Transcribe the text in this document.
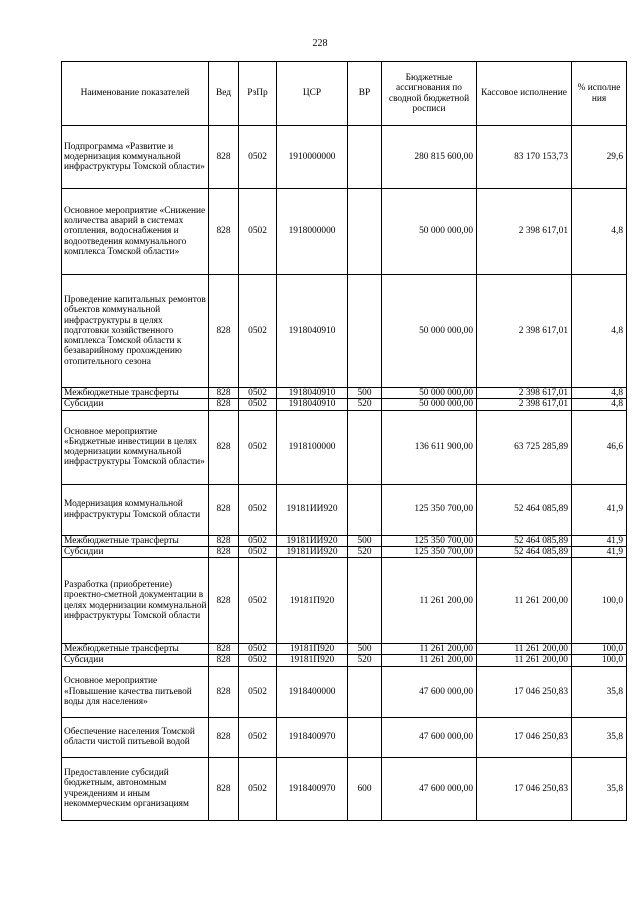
228
Наименование показателей	Вед	РзПр	ЦСР	ВР	Бюджетные ассигнования по сводной бюджетной росписи	Кассовое исполнение	% исполне ния
Подпрограмма «Развитие и модернизация коммунальной инфраструктуры Томской области»	828	0502	1910000000		280 815 600,00	83 170 153,73	29,6
Основное мероприятие «Снижение количества аварий в системах отопления, водоснабжения и водоотведения коммунального комплекса Томской области»	828	0502	1918000000		50 000 000,00	2 398 617,01	4,8
Проведение капитальных ремонтов объектов коммунальной инфраструктуры в целях подготовки хозяйственного комплекса Томской области к безаварийному прохождению отопительного сезона	828	0502	1918040910		50 000 000,00	2 398 617,01	4,8
Межбюджетные трансферты	828	0502	1918040910	500	50 000 000,00	2 398 617,01	4,8
Субсидии	828	0502	1918040910	520	50 000 000,00	2 398 617,01	4,8
Основное мероприятие «Бюджетные инвестиции в целях модернизации коммунальной инфраструктуры Томской области»	828	0502	1918100000		136 611 900,00	63 725 285,89	46,6
Модернизация коммунальной инфраструктуры Томской области	828	0502	19181ИИ920		125 350 700,00	52 464 085,89	41,9
Межбюджетные трансферты	828	0502	19181ИИ920	500	125 350 700,00	52 464 085,89	41,9
Субсидии	828	0502	19181ИИ920	520	125 350 700,00	52 464 085,89	41,9
Разработка (приобретение) проектно-сметной документации в целях модернизации коммунальной инфраструктуры Томской области	828	0502	19181П920		11 261 200,00	11 261 200,00	100,0
Межбюджетные трансферты	828	0502	19181П920	500	11 261 200,00	11 261 200,00	100,0
Субсидии	828	0502	19181П920	520	11 261 200,00	11 261 200,00	100,0
Основное мероприятие «Повышение качества питьевой воды для населения»	828	0502	1918400000		47 600 000,00	17 046 250,83	35,8
Обеспечение населения Томской области чистой питьевой водой	828	0502	1918400970		47 600 000,00	17 046 250,83	35,8
Предоставление субсидий бюджетным, автономным учреждениям и иным некоммерческим организациям	828	0502	1918400970	600	47 600 000,00	17 046 250,83	35,8
